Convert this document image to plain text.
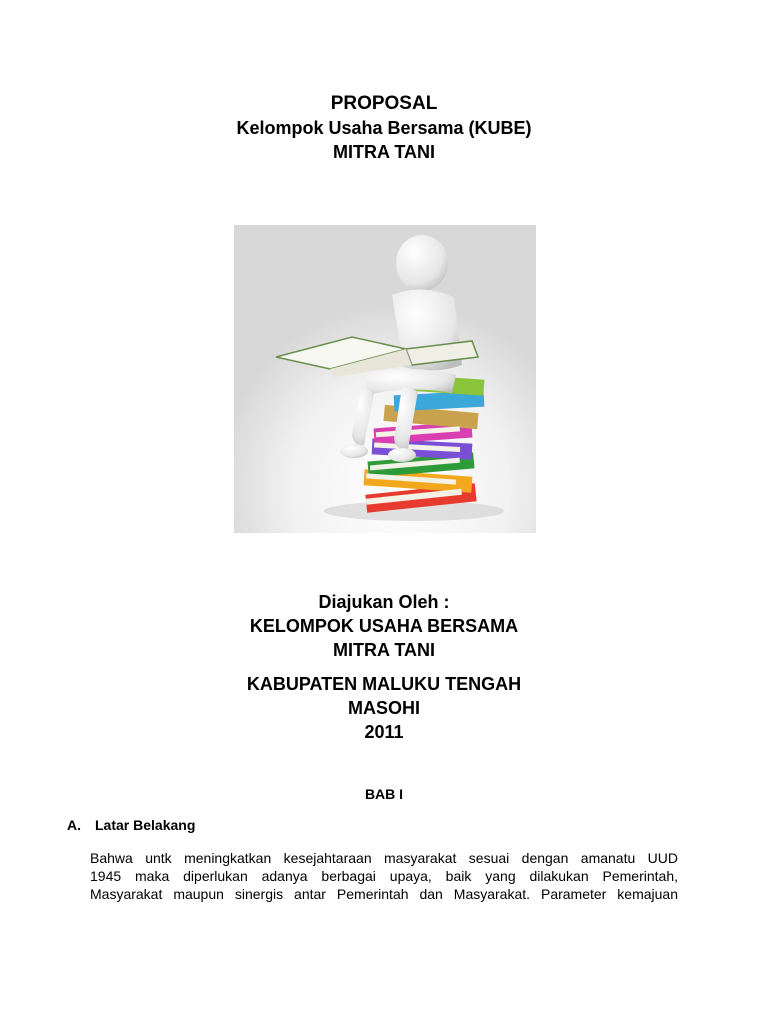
PROPOSAL
Kelompok Usaha Bersama (KUBE)
MITRA TANI
Diajukan Oleh :
KELOMPOK USAHA BERSAMA
MITRA TANI
KABUPATEN MALUKU TENGAH
MASOHI
2011
BAB I
A. Latar Belakang
Bahwa untk meningkatkan kesejahtaraan masyarakat sesuai dengan amanatu UUD
1945 maka diperlukan adanya berbagai upaya, baik yang dilakukan Pemerintah,
Masyarakat maupun sinergis antar Pemerintah dan Masyarakat. Parameter kemajuan
